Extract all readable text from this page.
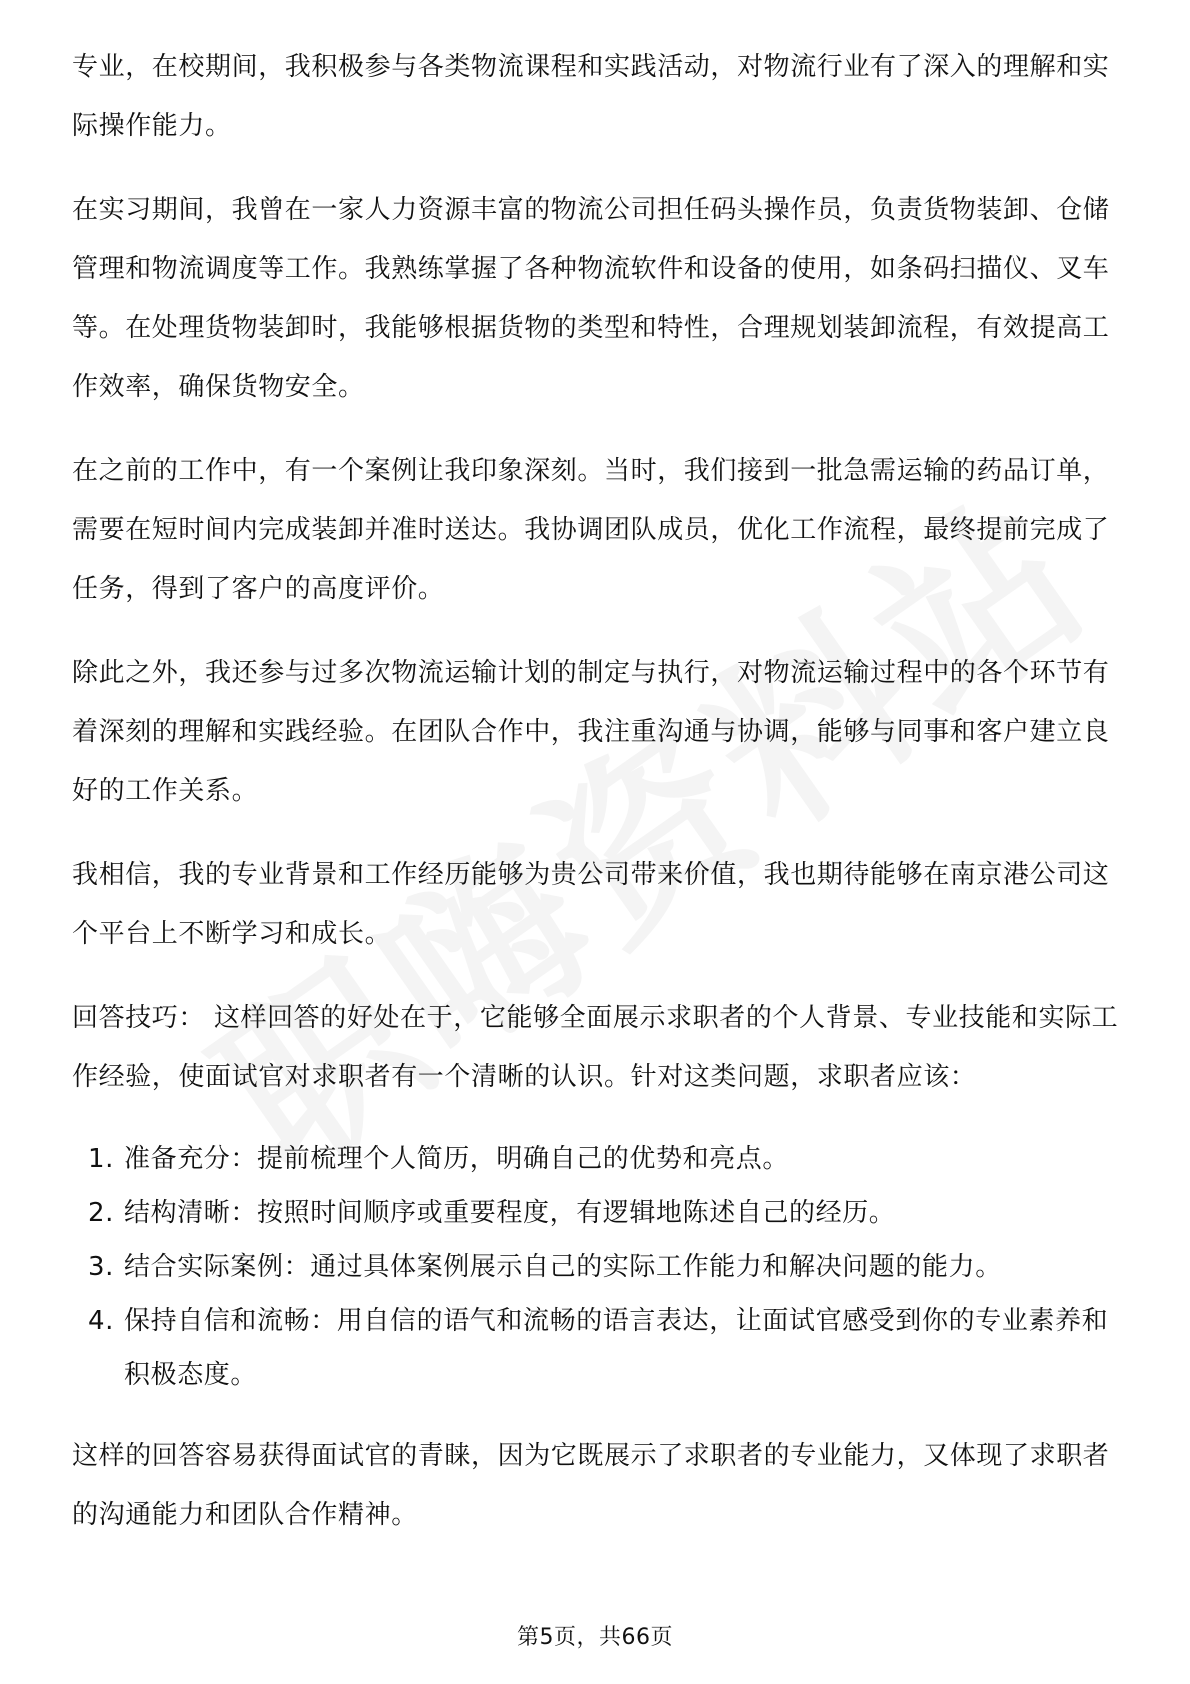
专业，在校期间，我积极参与各类物流课程和实践活动，对物流行业有了深入的理解和实际操作能力。

在实习期间，我曾在一家人力资源丰富的物流公司担任码头操作员，负责货物装卸、仓储管理和物流调度等工作。我熟练掌握了各种物流软件和设备的使用，如条码扫描仪、叉车等。在处理货物装卸时，我能够根据货物的类型和特性，合理规划装卸流程，有效提高工作效率，确保货物安全。

在之前的工作中，有一个案例让我印象深刻。当时，我们接到一批急需运输的药品订单，需要在短时间内完成装卸并准时送达。我协调团队成员，优化工作流程，最终提前完成了任务，得到了客户的高度评价。

除此之外，我还参与过多次物流运输计划的制定与执行，对物流运输过程中的各个环节有着深刻的理解和实践经验。在团队合作中，我注重沟通与协调，能够与同事和客户建立良好的工作关系。

我相信，我的专业背景和工作经历能够为贵公司带来价值，我也期待能够在南京港公司这个平台上不断学习和成长。

回答技巧： 这样回答的好处在于，它能够全面展示求职者的个人背景、专业技能和实际工作经验，使面试官对求职者有一个清晰的认识。针对这类问题，求职者应该：

1. 准备充分：提前梳理个人简历，明确自己的优势和亮点。
2. 结构清晰：按照时间顺序或重要程度，有逻辑地陈述自己的经历。
3. 结合实际案例：通过具体案例展示自己的实际工作能力和解决问题的能力。
4. 保持自信和流畅：用自信的语气和流畅的语言表达，让面试官感受到你的专业素养和积极态度。

这样的回答容易获得面试官的青睐，因为它既展示了求职者的专业能力，又体现了求职者的沟通能力和团队合作精神。

第5页，共66页
